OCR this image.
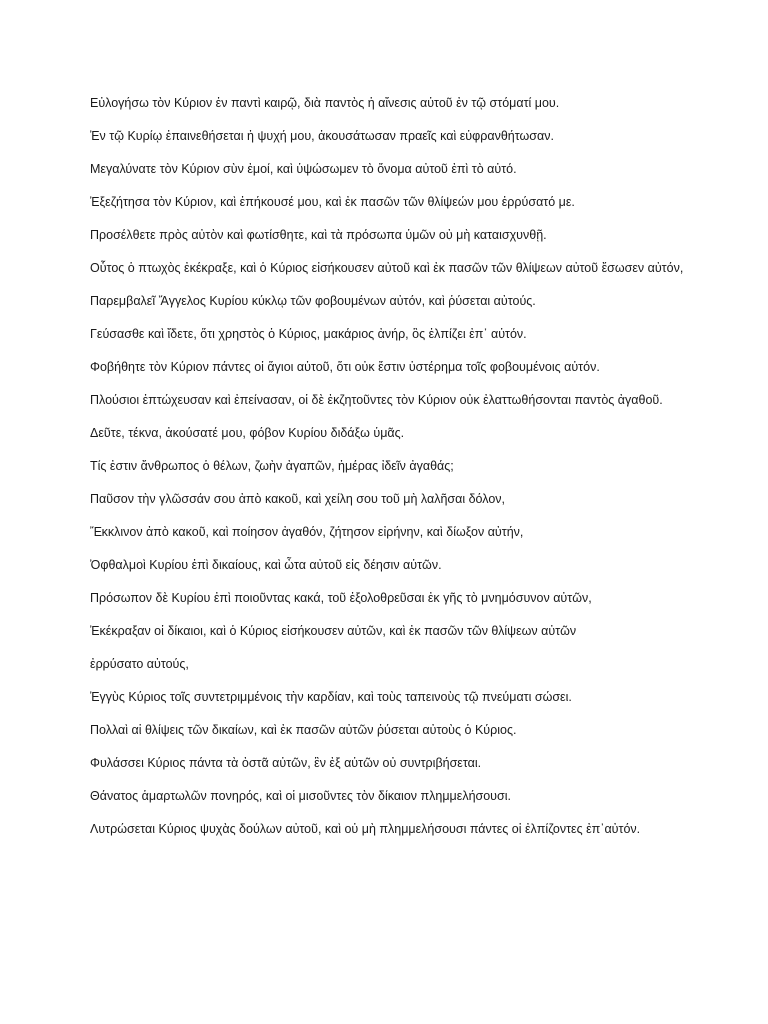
Εὐλογήσω τὸν Κύριον ἐν παντὶ καιρῷ, διὰ παντὸς ἡ αἴνεσις αὐτοῦ ἐν τῷ στόματί μου.

Ἐν τῷ Κυρίῳ ἐπαινεθήσεται ἡ ψυχή μου, ἀκουσάτωσαν πραεῖς καὶ εὐφρανθήτωσαν.

Μεγαλύνατε τὸν Κύριον σὺν ἐμοί, καὶ ὑψώσωμεν τὸ ὄνομα αὐτοῦ ἐπὶ τὸ αὐτό.

Ἐξεζήτησα τὸν Κύριον, καὶ ἐπήκουσέ μου, καὶ ἐκ πασῶν τῶν θλίψεών μου ἐρρύσατό με.

Προσέλθετε πρὸς αὐτὸν καὶ φωτίσθητε, καὶ τὰ πρόσωπα ὑμῶν οὐ μὴ καταισχυνθῇ.

Οὗτος ὁ πτωχὸς ἐκέκραξε, καὶ ὁ Κύριος εἰσήκουσεν αὐτοῦ καὶ ἐκ πασῶν τῶν θλίψεων αὐτοῦ ἔσωσεν αὐτόν,

Παρεμβαλεῖ Ἄγγελος Κυρίου κύκλῳ τῶν φοβουμένων αὐτόν, καὶ ῥύσεται αὐτούς.

Γεύσασθε καὶ ἴδετε, ὅτι χρηστὸς ὁ Κύριος, μακάριος ἀνήρ, ὃς ἐλπίζει ἐπ᾿ αὐτόν.

Φοβήθητε τὸν Κύριον πάντες οἱ ἅγιοι αὐτοῦ, ὅτι οὐκ ἔστιν ὑστέρημα τοῖς φοβουμένοις αὐτόν.

Πλούσιοι ἐπτώχευσαν καὶ ἐπείνασαν, οἱ δὲ ἐκζητοῦντες τὸν Κύριον οὐκ ἐλαττωθήσονται παντὸς ἀγαθοῦ.

Δεῦτε, τέκνα, ἀκούσατέ μου, φόβον Κυρίου διδάξω ὑμᾶς.

Τίς ἐστιν ἄνθρωπος ὁ θέλων, ζωὴν ἀγαπῶν, ἡμέρας ἰδεῖν ἀγαθάς;

Παῦσον τὴν γλῶσσάν σου ἀπὸ κακοῦ, καὶ χείλη σου τοῦ μὴ λαλῆσαι δόλον,

Ἔκκλινον ἀπὸ κακοῦ, καὶ ποίησον ἀγαθόν, ζήτησον εἰρήνην, καὶ δίωξον αὐτήν,

Ὀφθαλμοὶ Κυρίου ἐπὶ δικαίους, καὶ ὦτα αὐτοῦ εἰς δέησιν αὐτῶν.

Πρόσωπον δὲ Κυρίου ἐπὶ ποιοῦντας κακά, τοῦ ἐξολοθρεῦσαι ἐκ γῆς τὸ μνημόσυνον αὐτῶν,

Ἐκέκραξαν οἱ δίκαιοι, καὶ ὁ Κύριος εἰσήκουσεν αὐτῶν, καὶ ἐκ πασῶν τῶν θλίψεων αὐτῶν

ἐρρύσατο αὐτούς,

Ἐγγὺς Κύριος τοῖς συντετριμμένοις τὴν καρδίαν, καὶ τοὺς ταπεινοὺς τῷ πνεύματι σώσει.

Πολλαὶ αἱ θλίψεις τῶν δικαίων, καὶ ἐκ πασῶν αὐτῶν ῥύσεται αὐτοὺς ὁ Κύριος.

Φυλάσσει Κύριος πάντα τὰ ὀστᾶ αὐτῶν, ἓν ἐξ αὐτῶν οὐ συντριβήσεται.

Θάνατος ἁμαρτωλῶν πονηρός, καὶ οἱ μισοῦντες τὸν δίκαιον πλημμελήσουσι.

Λυτρώσεται Κύριος ψυχὰς δούλων αὐτοῦ, καὶ οὐ μὴ πλημμελήσουσι πάντες οἱ ἐλπίζοντες ἐπ᾿αὐτόν.
